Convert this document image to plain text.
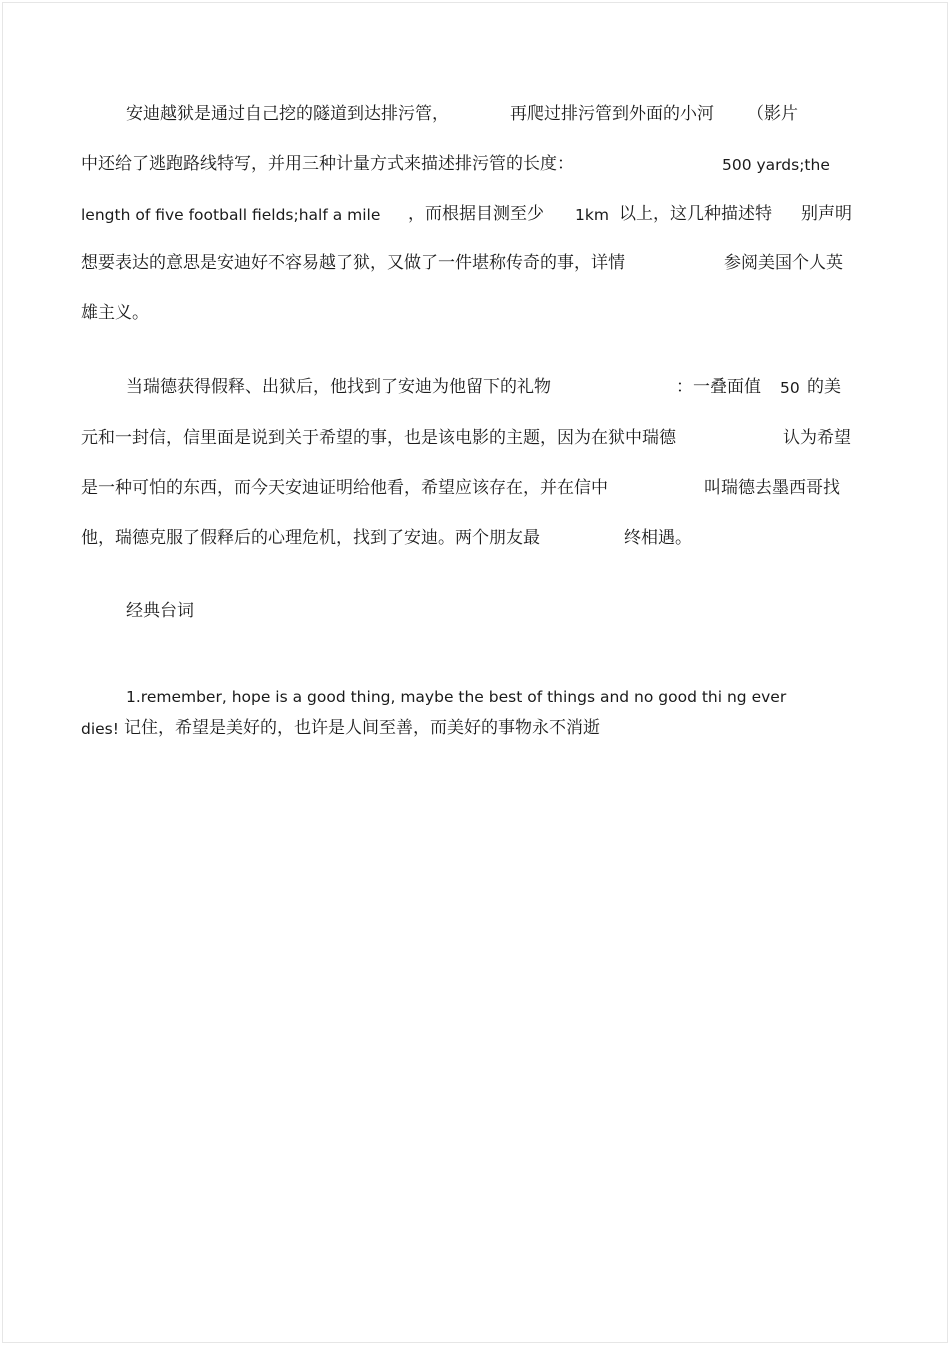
安迪越狱是通过自己挖的隧道到达排污管，	再爬过排污管到外面的小河 （影片

中还给了逃跑路线特写，并用三种计量方式来描述排污管的长度：	500 yards;the

length of five football fields;half a mile ，而根据目测至少 1km 以上，这几种描述特 别声明

想要表达的意思是安迪好不容易越了狱，又做了一件堪称传奇的事，详情	参阅美国个人英

雄主义。

当瑞德获得假释、出狱后，他找到了安迪为他留下的礼物	：一叠面值 50 的美

元和一封信，信里面是说到关于希望的事，也是该电影的主题，因为在狱中瑞德	认为希望

是一种可怕的东西，而今天安迪证明给他看，希望应该存在，并在信中	叫瑞德去墨西哥找

他，瑞德克服了假释后的心理危机，找到了安迪。两个朋友最	终相遇。

经典台词

1.remember, hope is a good thing, maybe the best of things and no good thi ng ever

dies! 记住，希望是美好的，也许是人间至善，而美好的事物永不消逝
